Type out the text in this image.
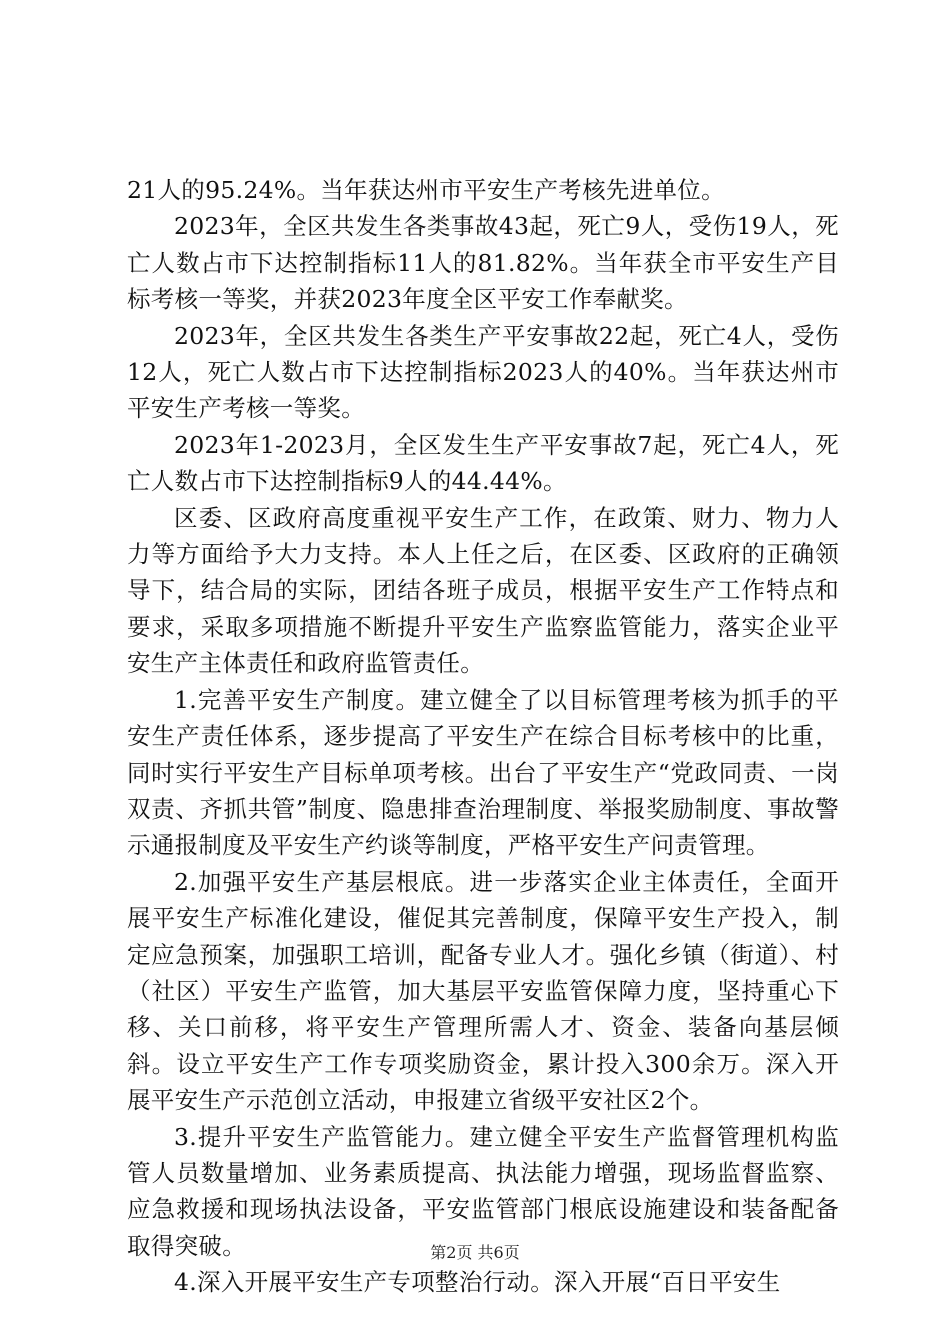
21人的95.24%。当年获达州市平安生产考核先进单位。

2023年，全区共发生各类事故43起，死亡9人，受伤19人，死亡人数占市下达控制指标11人的81.82%。当年获全市平安生产目标考核一等奖，并获2023年度全区平安工作奉献奖。

2023年，全区共发生各类生产平安事故22起，死亡4人，受伤12人，死亡人数占市下达控制指标2023人的40%。当年获达州市平安生产考核一等奖。

2023年1-2023月，全区发生生产平安事故7起，死亡4人，死亡人数占市下达控制指标9人的44.44%。

区委、区政府高度重视平安生产工作，在政策、财力、物力人力等方面给予大力支持。本人上任之后，在区委、区政府的正确领导下，结合局的实际，团结各班子成员，根据平安生产工作特点和要求，采取多项措施不断提升平安生产监察监管能力，落实企业平安生产主体责任和政府监管责任。

1.完善平安生产制度。建立健全了以目标管理考核为抓手的平安生产责任体系，逐步提高了平安生产在综合目标考核中的比重，同时实行平安生产目标单项考核。出台了平安生产“党政同责、一岗双责、齐抓共管”制度、隐患排查治理制度、举报奖励制度、事故警示通报制度及平安生产约谈等制度，严格平安生产问责管理。

2.加强平安生产基层根底。进一步落实企业主体责任，全面开展平安生产标准化建设，催促其完善制度，保障平安生产投入，制定应急预案，加强职工培训，配备专业人才。强化乡镇（街道）、村（社区）平安生产监管，加大基层平安监管保障力度，坚持重心下移、关口前移，将平安生产管理所需人才、资金、装备向基层倾斜。设立平安生产工作专项奖励资金，累计投入300余万。深入开展平安生产示范创立活动，申报建立省级平安社区2个。

3.提升平安生产监管能力。建立健全平安生产监督管理机构监管人员数量增加、业务素质提高、执法能力增强，现场监督监察、应急救援和现场执法设备，平安监管部门根底设施建设和装备配备取得突破。

4.深入开展平安生产专项整治行动。深入开展“百日平安生

第2页 共6页
